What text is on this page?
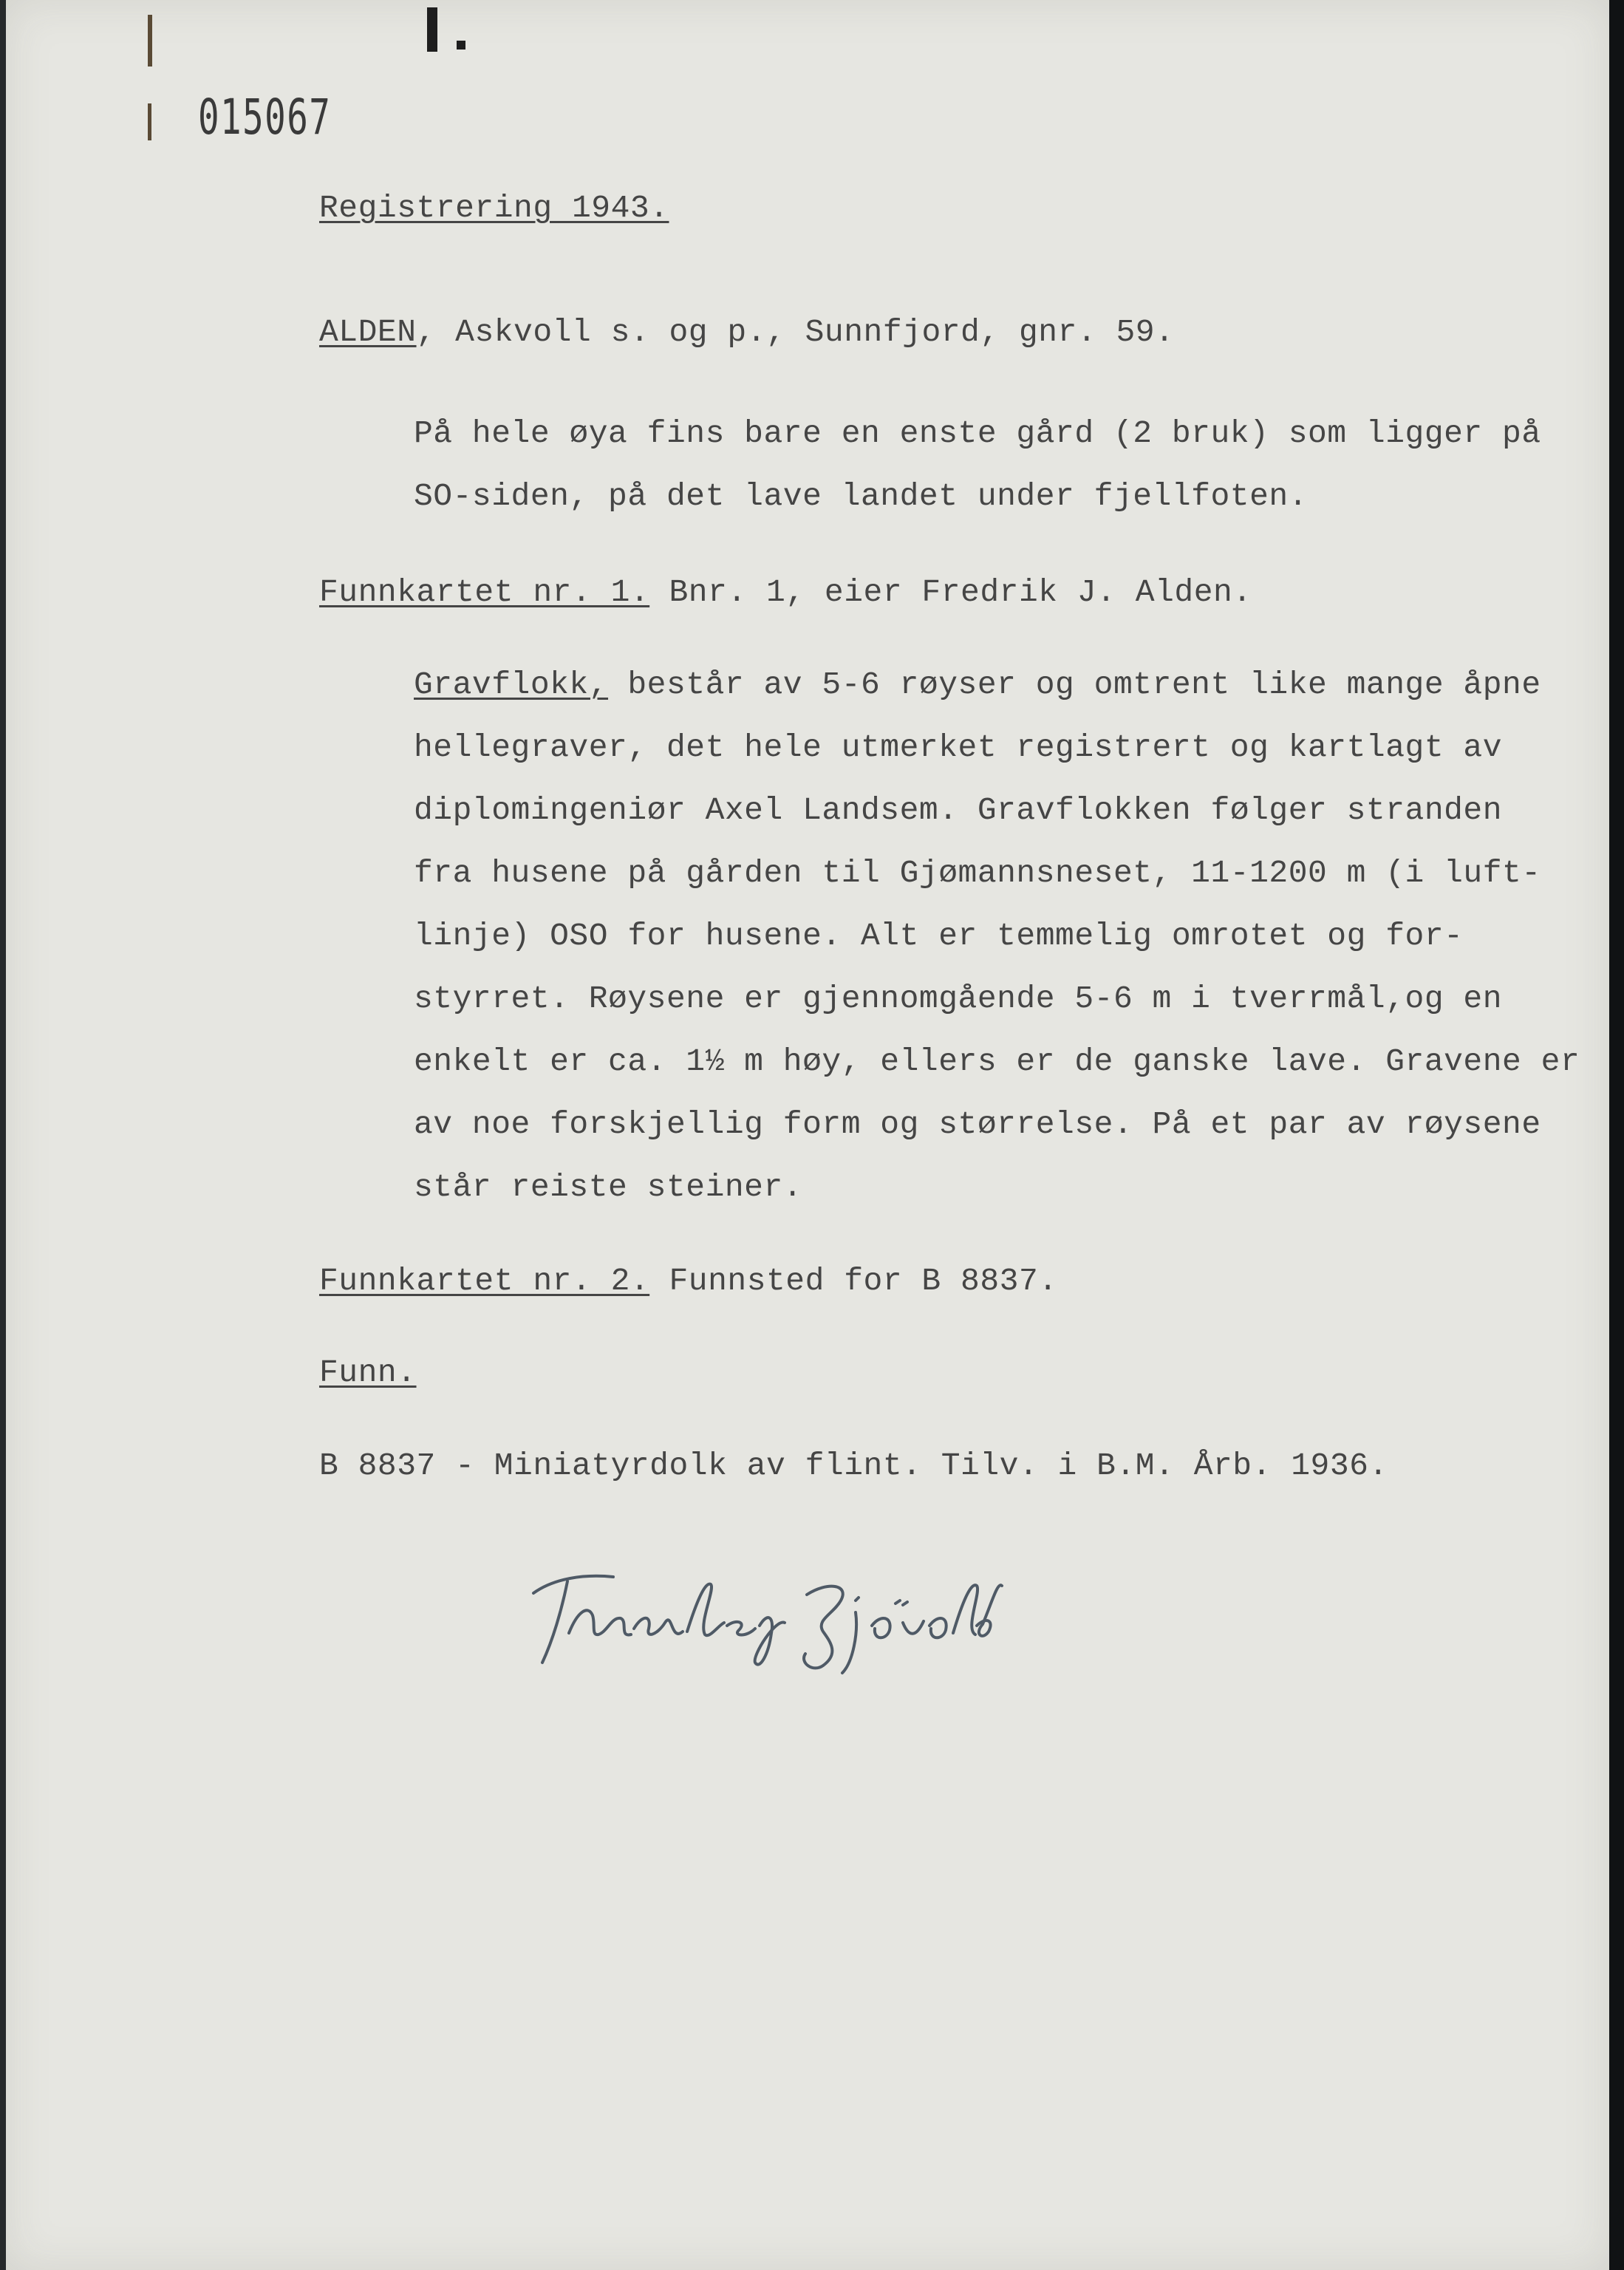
015067
Registrering 1943.
ALDEN, Askvoll s. og p., Sunnfjord, gnr. 59.
På hele øya fins bare en enste gård (2 bruk) som ligger på
SO-siden, på det lave landet under fjellfoten.
Funnkartet nr. 1. Bnr. 1, eier Fredrik J. Alden.
Gravflokk, består av 5-6 røyser og omtrent like mange åpne
hellegraver, det hele utmerket registrert og kartlagt av
diplomingeniør Axel Landsem. Gravflokken følger stranden
fra husene på gården til Gjømannsneset, 11-1200 m (i luft-
linje) OSO for husene. Alt er temmelig omrotet og for-
styrret. Røysene er gjennomgående 5-6 m i tverrmål,og en
enkelt er ca. 1½ m høy, ellers er de ganske lave. Gravene er
av noe forskjellig form og størrelse. På et par av røysene
står reiste steiner.
Funnkartet nr. 2. Funnsted for B 8837.
Funn.
B 8837 - Miniatyrdolk av flint. Tilv. i B.M. Årb. 1936.
